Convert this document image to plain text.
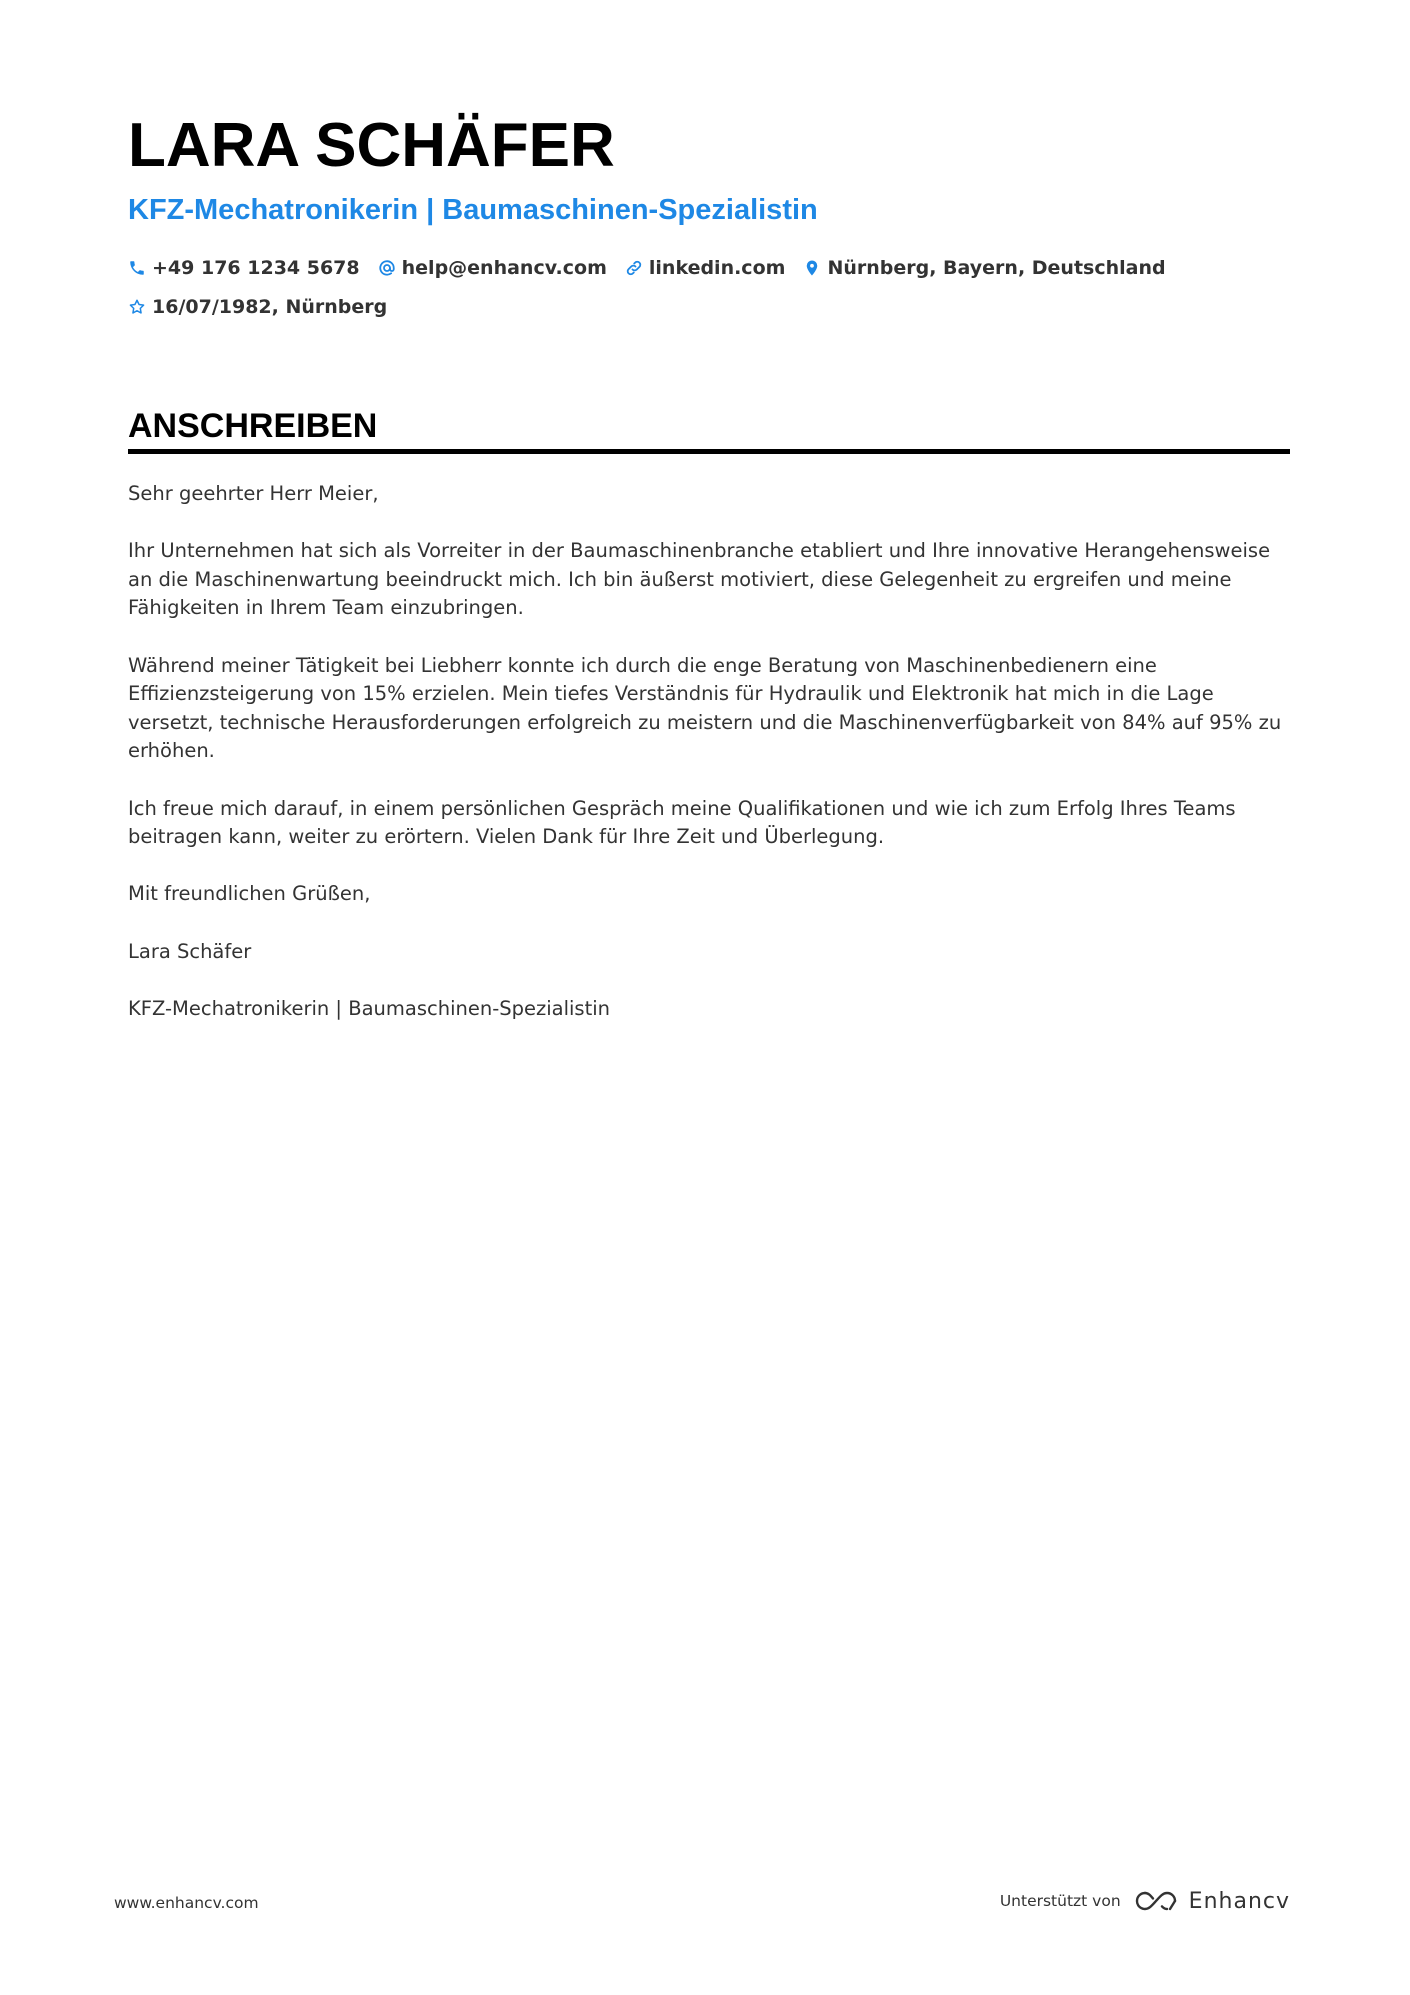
LARA SCHÄFER
KFZ-Mechatronikerin | Baumaschinen-Spezialistin
+49 176 1234 5678 help@enhancv.com linkedin.com Nürnberg, Bayern, Deutschland
16/07/1982, Nürnberg
ANSCHREIBEN

Sehr geehrter Herr Meier,

Ihr Unternehmen hat sich als Vorreiter in der Baumaschinenbranche etabliert und Ihre innovative Herangehensweise an die Maschinenwartung beeindruckt mich. Ich bin äußerst motiviert, diese Gelegenheit zu ergreifen und meine Fähigkeiten in Ihrem Team einzubringen.

Während meiner Tätigkeit bei Liebherr konnte ich durch die enge Beratung von Maschinenbedienern eine Effizienzsteigerung von 15% erzielen. Mein tiefes Verständnis für Hydraulik und Elektronik hat mich in die Lage versetzt, technische Herausforderungen erfolgreich zu meistern und die Maschinenverfügbarkeit von 84% auf 95% zu erhöhen.

Ich freue mich darauf, in einem persönlichen Gespräch meine Qualifikationen und wie ich zum Erfolg Ihres Teams beitragen kann, weiter zu erörtern. Vielen Dank für Ihre Zeit und Überlegung.

Mit freundlichen Grüßen,

Lara Schäfer

KFZ-Mechatronikerin | Baumaschinen-Spezialistin

www.enhancv.com	Unterstützt von	Enhancv
